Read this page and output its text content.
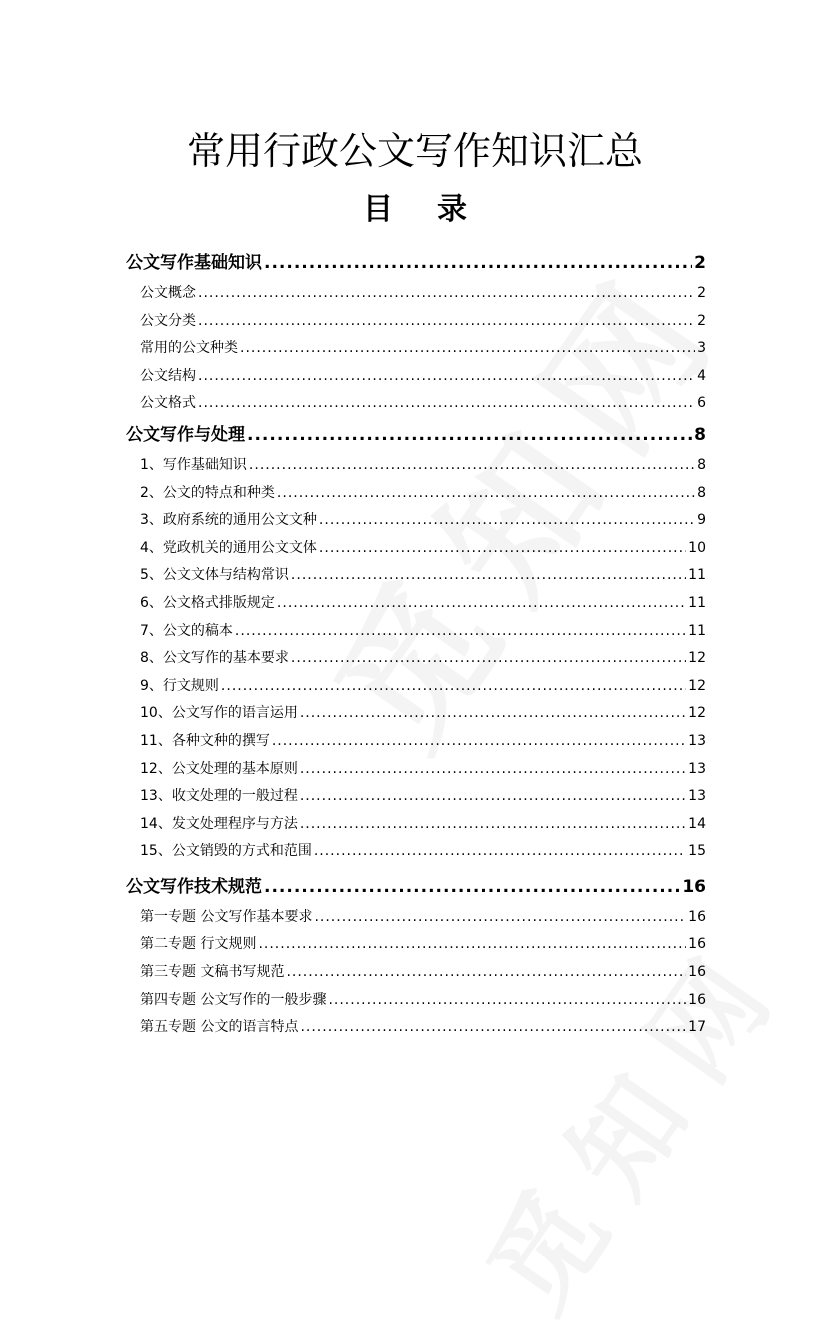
常用行政公文写作知识汇总
目 录
公文写作基础知识 .....	2
公文概念 .....	2
公文分类 .....	2
常用的公文种类 .....	3
公文结构 .....	4
公文格式 .....	6
公文写作与处理 .....	8
1、写作基础知识 .....	8
2、公文的特点和种类 .....	8
3、政府系统的通用公文文种 .....	9
4、党政机关的通用公文文体 .....	10
5、公文文体与结构常识 .....	11
6、公文格式排版规定 .....	11
7、公文的稿本 .....	11
8、公文写作的基本要求 .....	12
9、行文规则 .....	12
10、公文写作的语言运用 .....	12
11、各种文种的撰写 .....	13
12、公文处理的基本原则 .....	13
13、收文处理的一般过程 .....	13
14、发文处理程序与方法 .....	14
15、公文销毁的方式和范围 .....	15
公文写作技术规范 .....	16
第一专题 公文写作基本要求 .....	16
第二专题 行文规则 .....	16
第三专题 文稿书写规范 .....	16
第四专题 公文写作的一般步骤 .....	16
第五专题 公文的语言特点 .....	17
